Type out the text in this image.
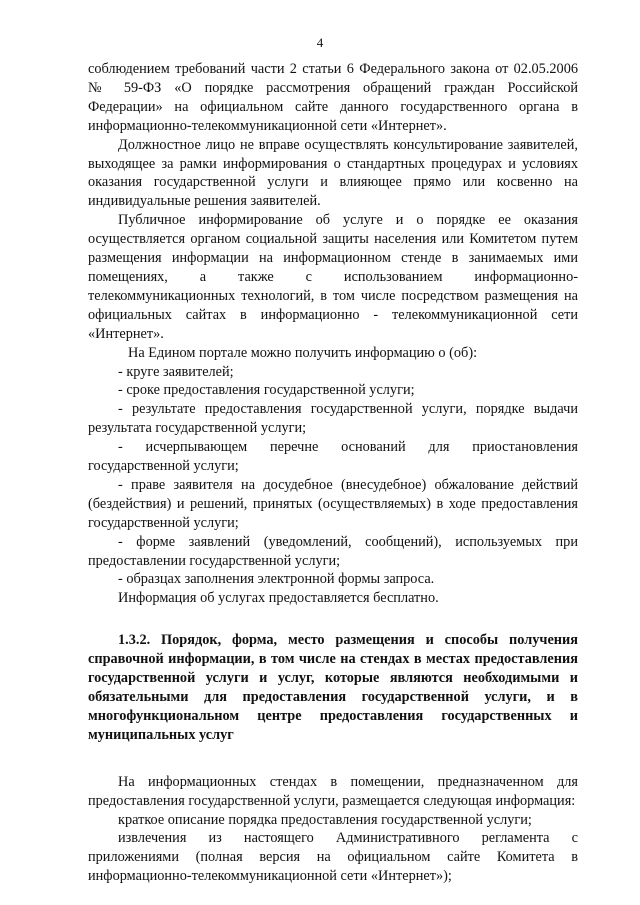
4

соблюдением требований части 2 статьи 6 Федерального закона от 02.05.2006 № 59-ФЗ «О порядке рассмотрения обращений граждан Российской Федерации» на официальном сайте данного государственного органа в информационно-телекоммуникационной сети «Интернет».

Должностное лицо не вправе осуществлять консультирование заявителей, выходящее за рамки информирования о стандартных процедурах и условиях оказания государственной услуги и влияющее прямо или косвенно на индивидуальные решения заявителей.

Публичное информирование об услуге и о порядке ее оказания осуществляется органом социальной защиты населения или Комитетом путем размещения информации на информационном стенде в занимаемых ими помещениях, а также с использованием информационно-телекоммуникационных технологий, в том числе посредством размещения на официальных сайтах в информационно - телекоммуникационной сети «Интернет».

На Едином портале можно получить информацию о (об):

- круге заявителей;

- сроке предоставления государственной услуги;

- результате предоставления государственной услуги, порядке выдачи результата государственной услуги;

- исчерпывающем перечне оснований для приостановления государственной услуги;

- праве заявителя на досудебное (внесудебное) обжалование действий (бездействия) и решений, принятых (осуществляемых) в ходе предоставления государственной услуги;

- форме заявлений (уведомлений, сообщений), используемых при предоставлении государственной услуги;

- образцах заполнения электронной формы запроса.

Информация об услугах предоставляется бесплатно.

1.3.2. Порядок, форма, место размещения и способы получения справочной информации, в том числе на стендах в местах предоставления государственной услуги и услуг, которые являются необходимыми и обязательными для предоставления государственной услуги, и в многофункциональном центре предоставления государственных и муниципальных услуг

На информационных стендах в помещении, предназначенном для предоставления государственной услуги, размещается следующая информация:

краткое описание порядка предоставления государственной услуги;

извлечения из настоящего Административного регламента с приложениями (полная версия на официальном сайте Комитета в информационно-телекоммуникационной сети «Интернет»);
